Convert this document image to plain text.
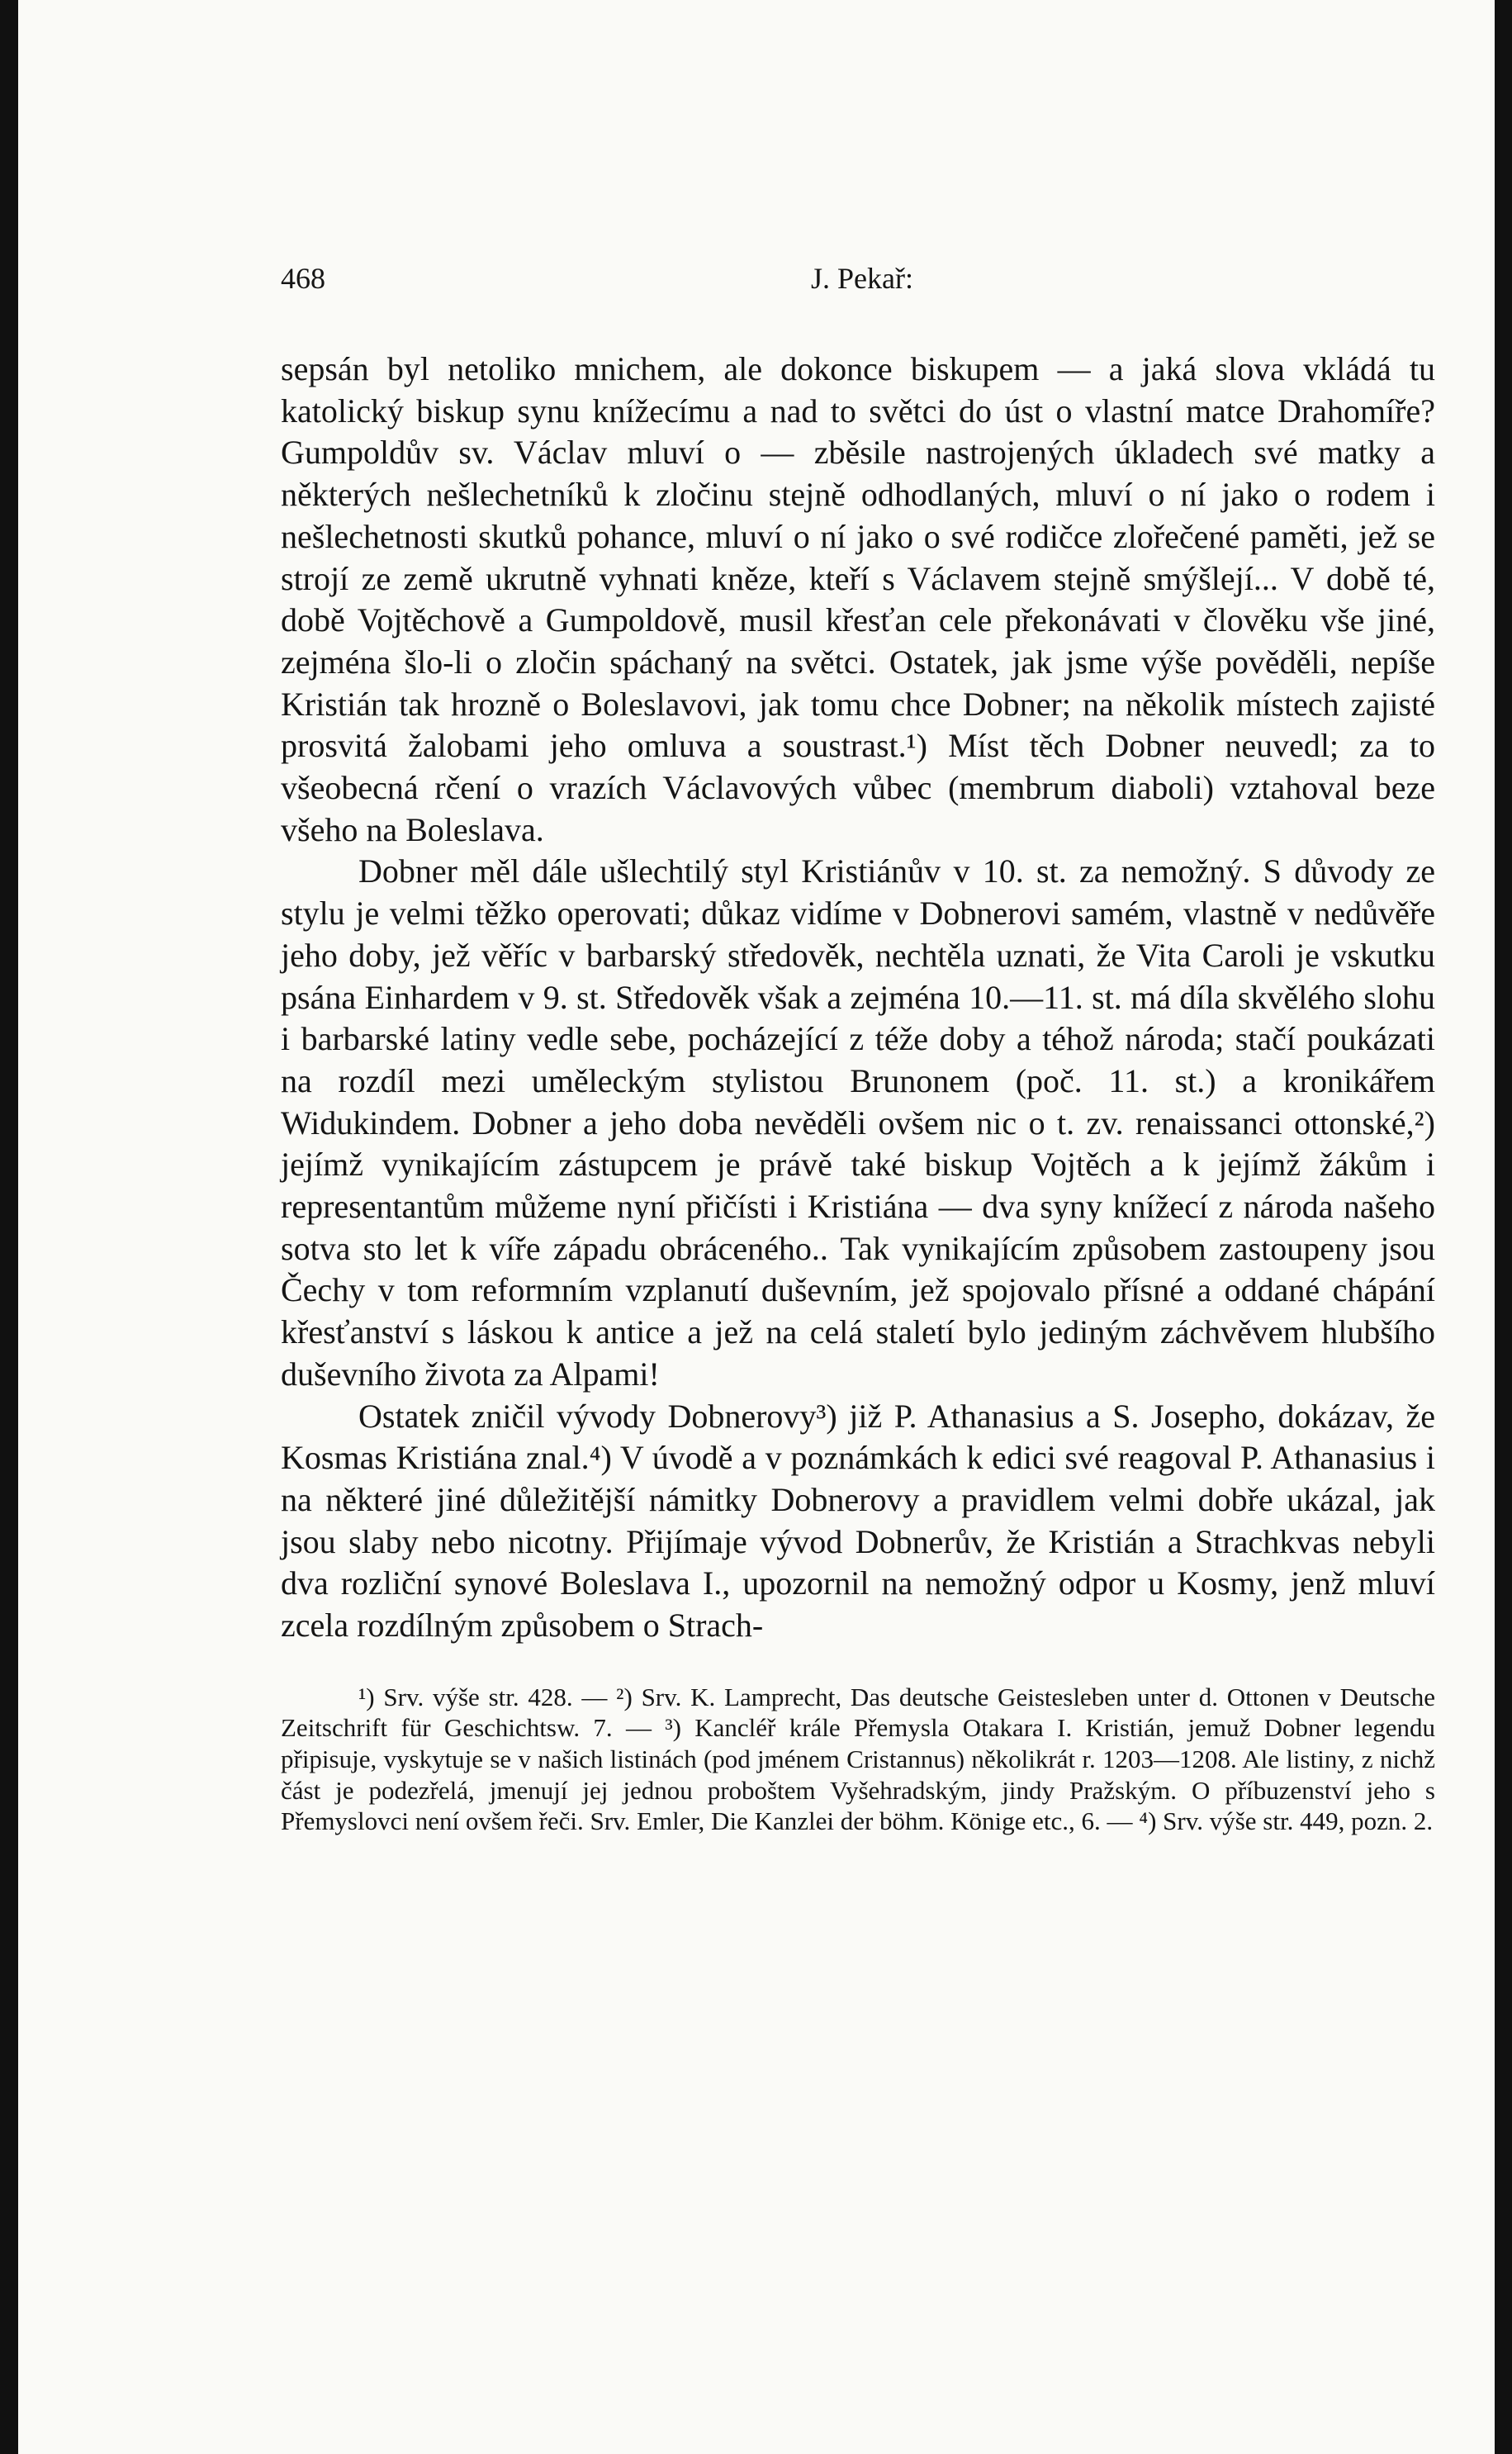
468	J. Pekař:

sepsán byl netoliko mnichem, ale dokonce biskupem — a jaká slova vkládá tu katolický biskup synu knížecímu a nad to světci do úst o vlastní matce Drahomíře? Gumpoldův sv. Václav mluví o — zběsile nastrojených úkladech své matky a některých nešlechetníků k zločinu stejně odhodlaných, mluví o ní jako o rodem i nešlechetnosti skutků pohance, mluví o ní jako o své rodičce zlořečené paměti, jež se strojí ze země ukrutně vyhnati kněze, kteří s Václavem stejně smýšlejí... V době té, době Vojtěchově a Gumpoldově, musil křesťan cele překonávati v člověku vše jiné, zejména šlo-li o zločin spáchaný na světci. Ostatek, jak jsme výše pověděli, nepíše Kristián tak hrozně o Boleslavovi, jak tomu chce Dobner; na několik místech zajisté prosvitá žalobami jeho omluva a soustrast.¹) Míst těch Dobner neuvedl; za to všeobecná rčení o vrazích Václavových vůbec (membrum diaboli) vztahoval beze všeho na Boleslava.

Dobner měl dále ušlechtilý styl Kristiánův v 10. st. za nemožný. S důvody ze stylu je velmi těžko operovati; důkaz vidíme v Dobnerovi samém, vlastně v nedůvěře jeho doby, jež věříc v barbarský středověk, nechtěla uznati, že Vita Caroli je vskutku psána Einhardem v 9. st. Středověk však a zejména 10.—11. st. má díla skvělého slohu i barbarské latiny vedle sebe, pocházející z téže doby a téhož národa; stačí poukázati na rozdíl mezi uměleckým stylistou Brunonem (poč. 11. st.) a kronikářem Widukindem. Dobner a jeho doba nevěděli ovšem nic o t. zv. renaissanci ottonské,²) jejímž vynikajícím zástupcem je právě také biskup Vojtěch a k jejímž žákům i representantům můžeme nyní přičísti i Kristiána — dva syny knížecí z národa našeho sotva sto let k víře západu obráceného.. Tak vynikajícím způsobem zastoupeny jsou Čechy v tom reformním vzplanutí duševním, jež spojovalo přísné a oddané chápání křesťanství s láskou k antice a jež na celá staletí bylo jediným záchvěvem hlubšího duševního života za Alpami!

Ostatek zničil vývody Dobnerovy³) již P. Athanasius a S. Josepho, dokázav, že Kosmas Kristiána znal.⁴) V úvodě a v poznámkách k edici své reagoval P. Athanasius i na některé jiné důležitější námitky Dobnerovy a pravidlem velmi dobře ukázal, jak jsou slaby nebo nicotny. Přijímaje vývod Dobnerův, že Kristián a Strachkvas nebyli dva rozliční synové Boleslava I., upozornil na nemožný odpor u Kosmy, jenž mluví zcela rozdílným způsobem o Strach-

¹) Srv. výše str. 428. — ²) Srv. K. Lamprecht, Das deutsche Geistesleben unter d. Ottonen v Deutsche Zeitschrift für Geschichtsw. 7. — ³) Kancléř krále Přemysla Otakara I. Kristián, jemuž Dobner legendu připisuje, vyskytuje se v našich listinách (pod jménem Cristannus) několikrát r. 1203—1208. Ale listiny, z nichž část je podezřelá, jmenují jej jednou proboštem Vyšehradským, jindy Pražským. O příbuzenství jeho s Přemyslovci není ovšem řeči. Srv. Emler, Die Kanzlei der böhm. Könige etc., 6. — ⁴) Srv. výše str. 449, pozn. 2.
